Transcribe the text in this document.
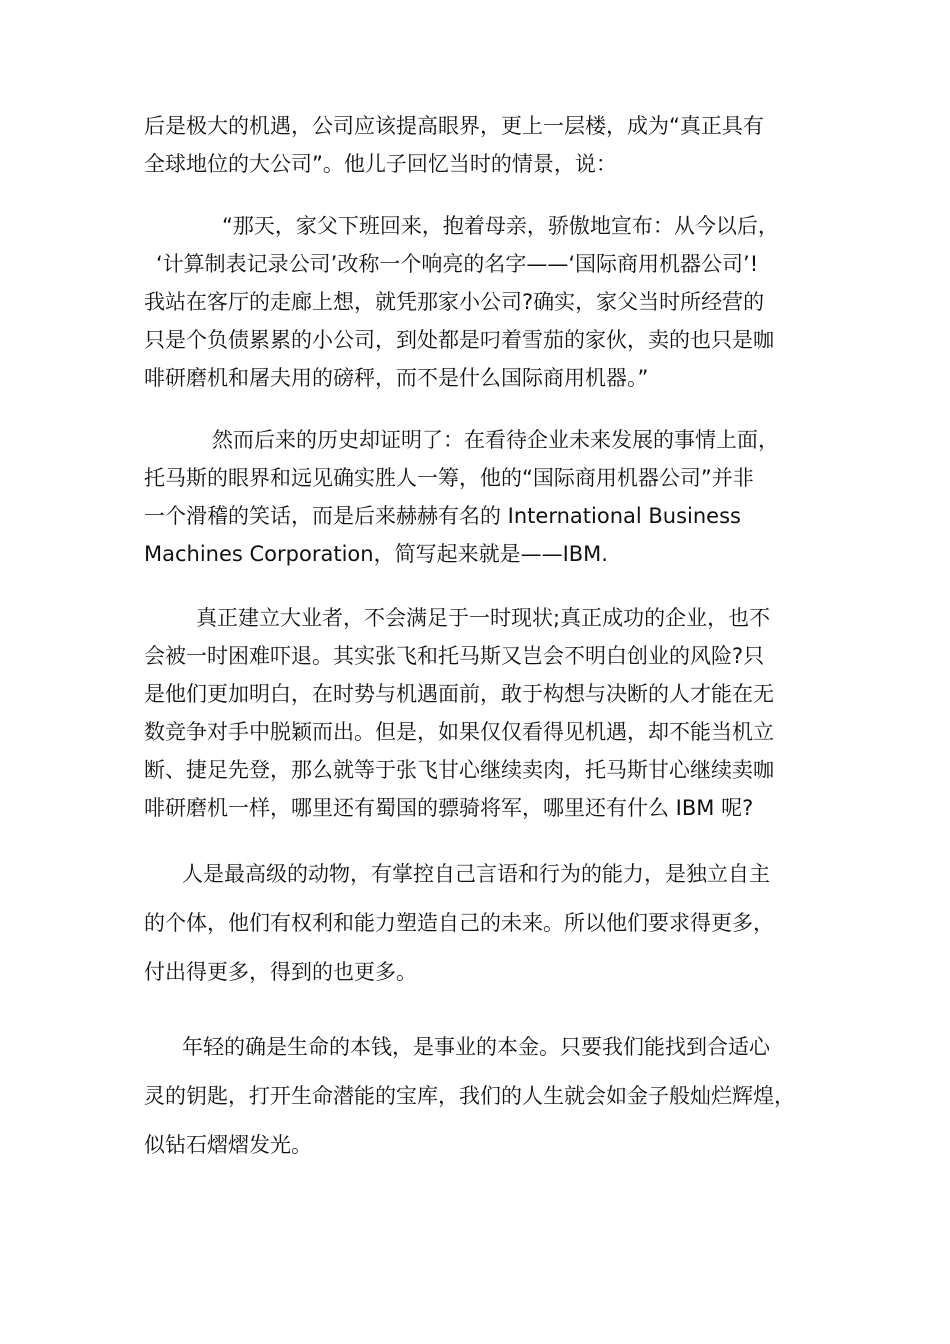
后是极大的机遇，公司应该提高眼界，更上一层楼，成为“真正具有
全球地位的大公司”。他儿子回忆当时的情景，说：
“那天，家父下班回来，抱着母亲，骄傲地宣布：从今以后，
‘计算制表记录公司’改称一个响亮的名字——‘国际商用机器公司’!
我站在客厅的走廊上想，就凭那家小公司?确实，家父当时所经营的
只是个负债累累的小公司，到处都是叼着雪茄的家伙，卖的也只是咖
啡研磨机和屠夫用的磅秤，而不是什么国际商用机器。”
然而后来的历史却证明了：在看待企业未来发展的事情上面，
托马斯的眼界和远见确实胜人一筹，他的“国际商用机器公司”并非
一个滑稽的笑话，而是后来赫赫有名的 International Business
Machines Corporation，简写起来就是——IBM.
真正建立大业者，不会满足于一时现状;真正成功的企业，也不
会被一时困难吓退。其实张飞和托马斯又岂会不明白创业的风险?只
是他们更加明白，在时势与机遇面前，敢于构想与决断的人才能在无
数竞争对手中脱颖而出。但是，如果仅仅看得见机遇，却不能当机立
断、捷足先登，那么就等于张飞甘心继续卖肉，托马斯甘心继续卖咖
啡研磨机一样，哪里还有蜀国的骠骑将军，哪里还有什么 IBM 呢?
人是最高级的动物，有掌控自己言语和行为的能力，是独立自主
的个体，他们有权利和能力塑造自己的未来。所以他们要求得更多，
付出得更多，得到的也更多。
年轻的确是生命的本钱，是事业的本金。只要我们能找到合适心
灵的钥匙，打开生命潜能的宝库，我们的人生就会如金子般灿烂辉煌，
似钻石熠熠发光。
